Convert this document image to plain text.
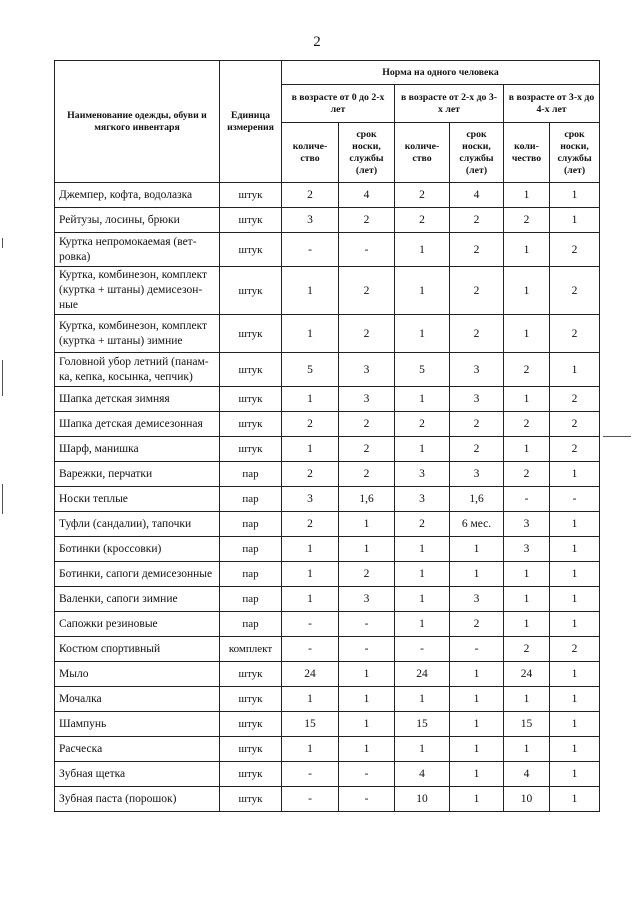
2
Наименование одежды, обуви и мягкого инвентаря	Единица измерения	Норма на одного человека					
		в возрасте от 0 до 2-х лет		в возрасте от 2-х до 3-х лет		в возрасте от 3-х до 4-х лет	
		количе-ство	срок носки, службы (лет)	количе-ство	срок носки, службы (лет)	коли-чество	срок носки, службы (лет)
Джемпер, кофта, водолазка	штук	2	4	2	4	1	1
Рейтузы, лосины, брюки	штук	3	2	2	2	2	1
Куртка непромокаемая (вет-ровка)	штук	-	-	1	2	1	2
Куртка, комбинезон, комплект (куртка + штаны) демисезон-ные	штук	1	2	1	2	1	2
Куртка, комбинезон, комплект (куртка + штаны) зимние	штук	1	2	1	2	1	2
Головной убор летний (панам-ка, кепка, косынка, чепчик)	штук	5	3	5	3	2	1
Шапка детская зимняя	штук	1	3	1	3	1	2
Шапка детская демисезонная	штук	2	2	2	2	2	2
Шарф, манишка	штук	1	2	1	2	1	2
Варежки, перчатки	пар	2	2	3	3	2	1
Носки теплые	пар	3	1,6	3	1,6	-	-
Туфли (сандалии), тапочки	пар	2	1	2	6 мес.	3	1
Ботинки (кроссовки)	пар	1	1	1	1	3	1
Ботинки, сапоги демисезонные	пар	1	2	1	1	1	1
Валенки, сапоги зимние	пар	1	3	1	3	1	1
Сапожки резиновые	пар	-	-	1	2	1	1
Костюм спортивный	комплект	-	-	-	-	2	2
Мыло	штук	24	1	24	1	24	1
Мочалка	штук	1	1	1	1	1	1
Шампунь	штук	15	1	15	1	15	1
Расческа	штук	1	1	1	1	1	1
Зубная щетка	штук	-	-	4	1	4	1
Зубная паста (порошок)	штук	-	-	10	1	10	1
